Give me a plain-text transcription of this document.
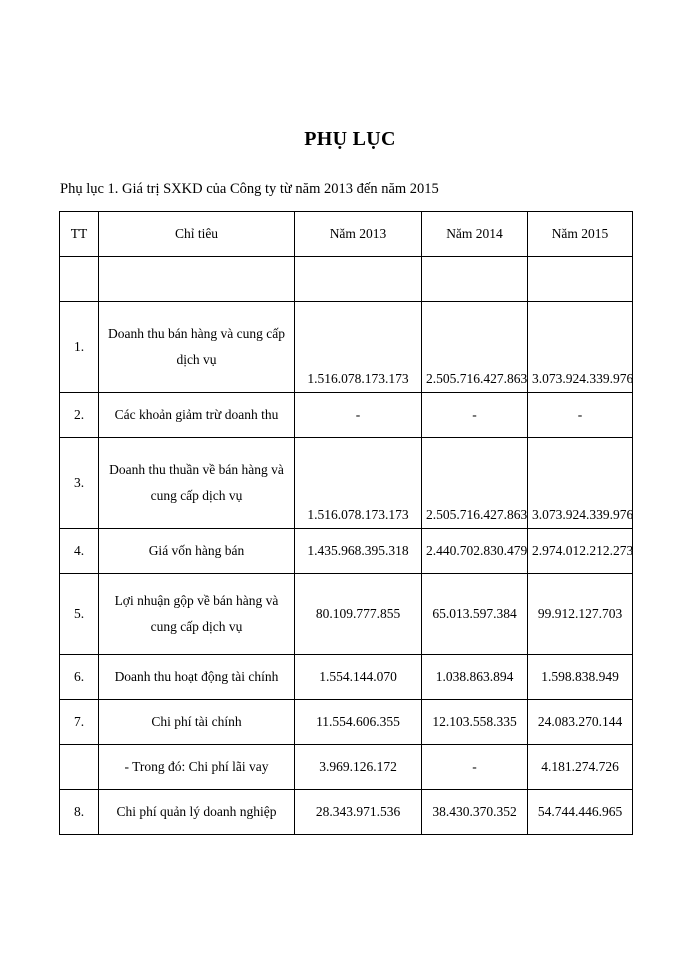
PHỤ LỤC
Phụ lục 1. Giá trị SXKD của Công ty từ năm 2013 đến năm 2015
TT	Chỉ tiêu	Năm 2013	Năm 2014	Năm 2015

1.	Doanh thu bán hàng và cung cấp dịch vụ	1.516.078.173.173	2.505.716.427.863	3.073.924.339.976
2.	Các khoản giảm trừ doanh thu	-	-	-
3.	Doanh thu thuần về bán hàng và cung cấp dịch vụ	1.516.078.173.173	2.505.716.427.863	3.073.924.339.976
4.	Giá vốn hàng bán	1.435.968.395.318	2.440.702.830.479	2.974.012.212.273
5.	Lợi nhuận gộp về bán hàng và cung cấp dịch vụ	80.109.777.855	65.013.597.384	99.912.127.703
6.	Doanh thu hoạt động tài chính	1.554.144.070	1.038.863.894	1.598.838.949
7.	Chi phí tài chính	11.554.606.355	12.103.558.335	24.083.270.144
	- Trong đó: Chi phí lãi vay	3.969.126.172	-	4.181.274.726
8.	Chi phí quản lý doanh nghiệp	28.343.971.536	38.430.370.352	54.744.446.965
